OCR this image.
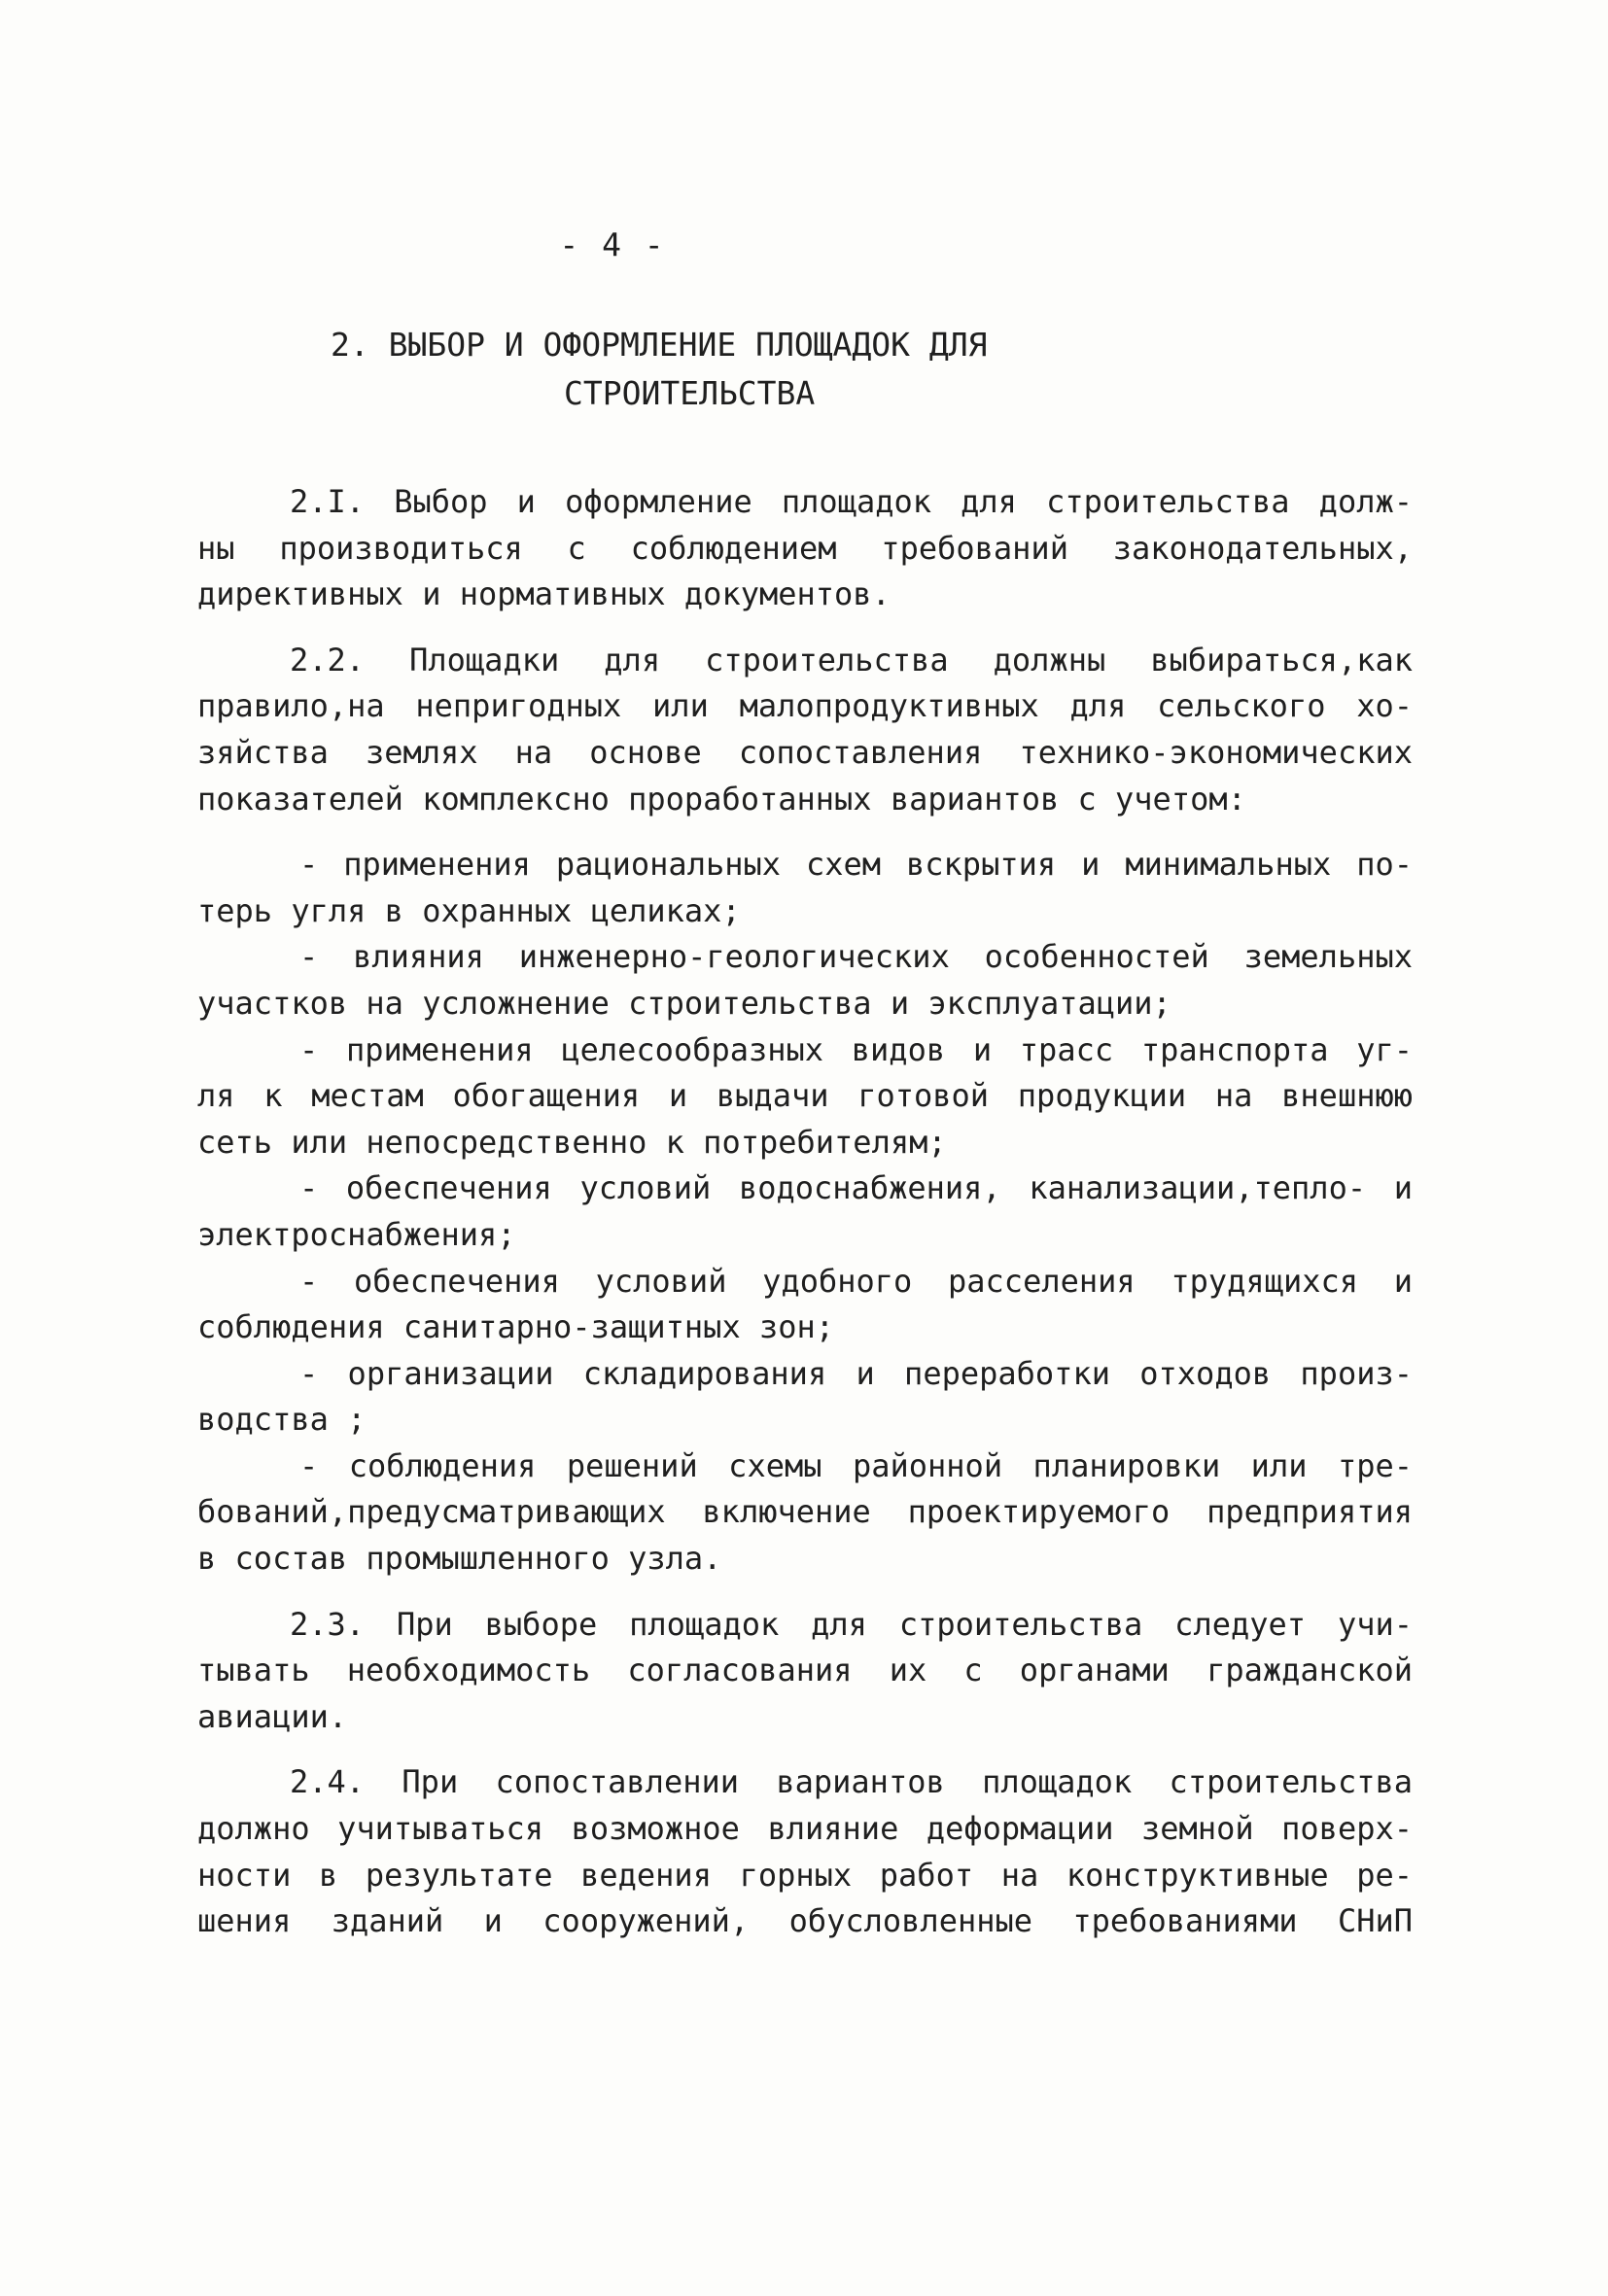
- 4 -
2. ВЫБОР И ОФОРМЛЕНИЕ ПЛОЩАДОК ДЛЯ
СТРОИТЕЛЬСТВА
2.I. Выбор и оформление площадок для строительства долж-
ны производиться с соблюдением требований законодательных,
директивных и нормативных документов.
2.2. Площадки для строительства должны выбираться,как
правило,на непригодных или малопродуктивных для сельского хо-
зяйства землях на основе сопоставления технико-экономических
показателей комплексно проработанных вариантов с учетом:
- применения рациональных схем вскрытия и минимальных по-
терь угля в охранных целиках;
- влияния инженерно-геологических особенностей земельных
участков на усложнение строительства и эксплуатации;
- применения целесообразных видов и трасс транспорта уг-
ля к местам обогащения и выдачи готовой продукции на внешнюю
сеть или непосредственно к потребителям;
- обеспечения условий водоснабжения, канализации,тепло- и
электроснабжения;
- обеспечения условий удобного расселения трудящихся и
соблюдения санитарно-защитных зон;
- организации складирования и переработки отходов произ-
водства ;
- соблюдения решений схемы районной планировки или тре-
бований,предусматривающих включение проектируемого предприятия
в состав промышленного узла.
2.3. При выборе площадок для строительства следует учи-
тывать необходимость согласования их с органами гражданской
авиации.
2.4. При сопоставлении вариантов площадок строительства
должно учитываться возможное влияние деформации земной поверх-
ности в результате ведения горных работ на конструктивные ре-
шения зданий и сооружений, обусловленные требованиями СНиП
